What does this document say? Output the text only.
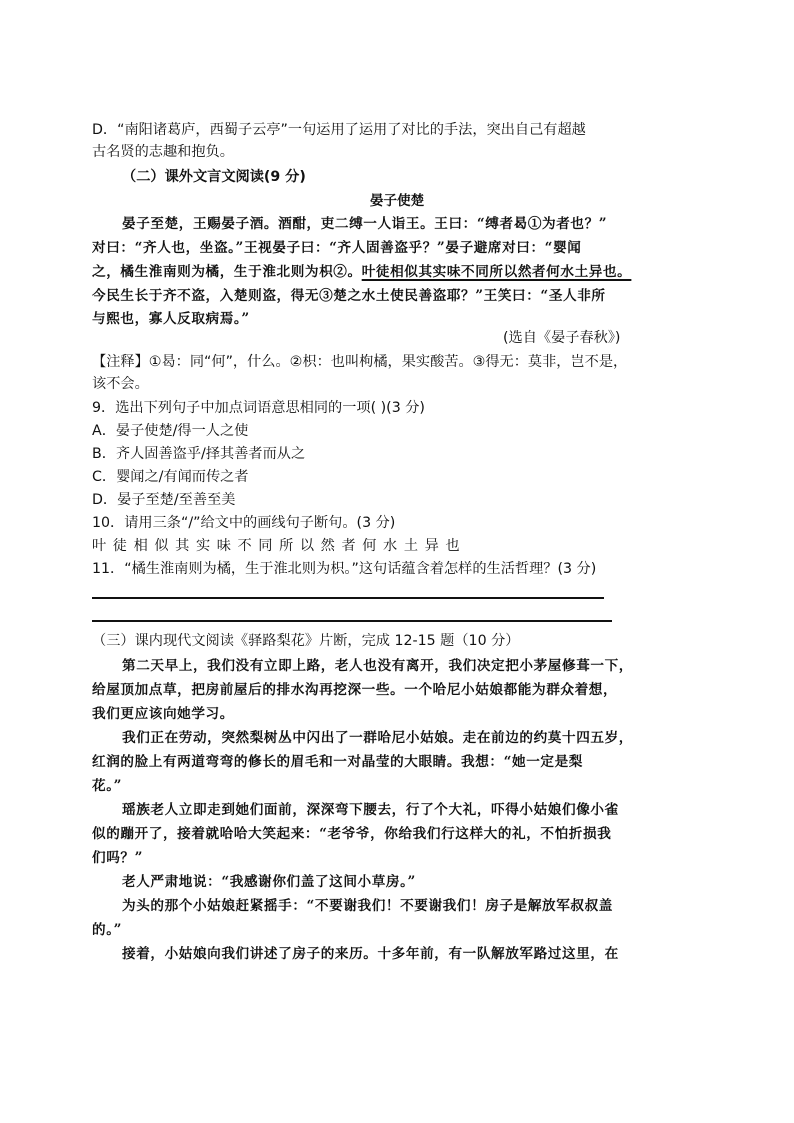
D．“南阳诸葛庐，西蜀子云亭”一句运用了运用了对比的手法，突出自己有超越
古名贤的志趣和抱负。
（二）课外文言文阅读(9 分)
晏子使楚
晏子至楚，王赐晏子酒。酒酣，吏二缚一人诣王。王曰：“缚者曷①为者也？”
对曰：“齐人也，坐盗。”王视晏子曰：“齐人固善盗乎？”晏子避席对曰：“婴闻
之，橘生淮南则为橘，生于淮北则为枳②。叶徒相似其实味不同所以然者何水土异也。
今民生长于齐不盗，入楚则盗，得无③楚之水土使民善盗耶？”王笑曰：“圣人非所
与熙也，寡人反取病焉。”
(选自《晏子春秋》)
【注释】①曷：同“何”，什么。②枳：也叫枸橘，果实酸苦。③得无：莫非，岂不是，
该不会。
9．选出下列句子中加点词语意思相同的一项( )(3 分)
A．晏子使楚/得一人之使
B．齐人固善盗乎/择其善者而从之
C．婴闻之/有闻而传之者
D．晏子至楚/至善至美
10．请用三条“/”给文中的画线句子断句。(3 分)
叶徒相似其实味不同所以然者何水土异也
11．“橘生淮南则为橘，生于淮北则为枳。”这句话蕴含着怎样的生活哲理？(3 分)
（三）课内现代文阅读《驿路梨花》片断，完成 12-15 题（10 分）
第二天早上，我们没有立即上路，老人也没有离开，我们决定把小茅屋修葺一下，
给屋顶加点草，把房前屋后的排水沟再挖深一些。一个哈尼小姑娘都能为群众着想，
我们更应该向她学习。
我们正在劳动，突然梨树丛中闪出了一群哈尼小姑娘。走在前边的约莫十四五岁，
红润的脸上有两道弯弯的修长的眉毛和一对晶莹的大眼睛。我想：“她一定是梨
花。”
瑶族老人立即走到她们面前，深深弯下腰去，行了个大礼，吓得小姑娘们像小雀
似的蹦开了，接着就哈哈大笑起来：“老爷爷，你给我们行这样大的礼，不怕折损我
们吗？”
老人严肃地说：“我感谢你们盖了这间小草房。”
为头的那个小姑娘赶紧摇手：“不要谢我们！不要谢我们！房子是解放军叔叔盖
的。”
接着，小姑娘向我们讲述了房子的来历。十多年前，有一队解放军路过这里，在
